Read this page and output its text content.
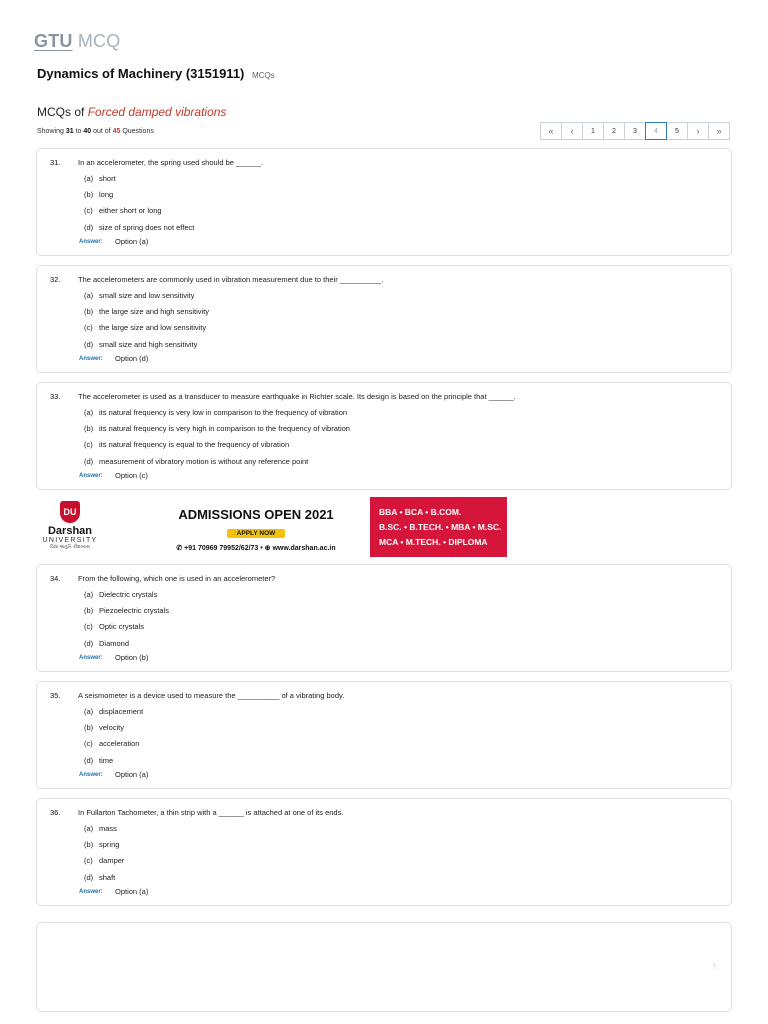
GTU MCQ
Dynamics of Machinery (3151911) MCQs
MCQs of Forced damped vibrations
Showing 31 to 40 out of 45 Questions	«	‹	1	2	3	4	5	›	»
31.	In an accelerometer, the spring used should be ______.
(a) short
(b) long
(c) either short or long
(d) size of spring does not effect
Answer:	Option (a)
32.	The accelerometers are commonly used in vibration measurement due to their __________.
(a) small size and low sensitivity
(b) the large size and high sensitivity
(c) the large size and low sensitivity
(d) small size and high sensitivity
Answer:	Option (d)
33.	The accelerometer is used as a transducer to measure earthquake in Richter scale. Its design is based on the principle that ______.
(a) its natural frequency is very low in comparison to the frequency of vibration
(b) its natural frequency is very high in comparison to the frequency of vibration
(c) its natural frequency is equal to the frequency of vibration
(d) measurement of vibratory motion is without any reference point
Answer:	Option (c)
DU
Darshan
UNIVERSITY
વિદ્યા અનુતિ કૌશલ્યમ્
ADMISSIONS OPEN 2021
APPLY NOW
✆ +91 70969 79952/62/73 • ⊕ www.darshan.ac.in
BBA • BCA • B.COM.
B.SC. • B.TECH. • MBA • M.SC.
MCA • M.TECH. • DIPLOMA
34.	From the following, which one is used in an accelerometer?
(a) Dielectric crystals
(b) Piezoelectric crystals
(c) Optic crystals
(d) Diamond
Answer:	Option (b)
35.	A seismometer is a device used to measure the __________ of a vibrating body.
(a) displacement
(b) velocity
(c) acceleration
(d) time
Answer:	Option (a)
36.	In Fullarton Tachometer, a thin strip with a ______ is attached at one of its ends.
(a) mass
(b) spring
(c) damper
(d) shaft
Answer:	Option (a)
↑
